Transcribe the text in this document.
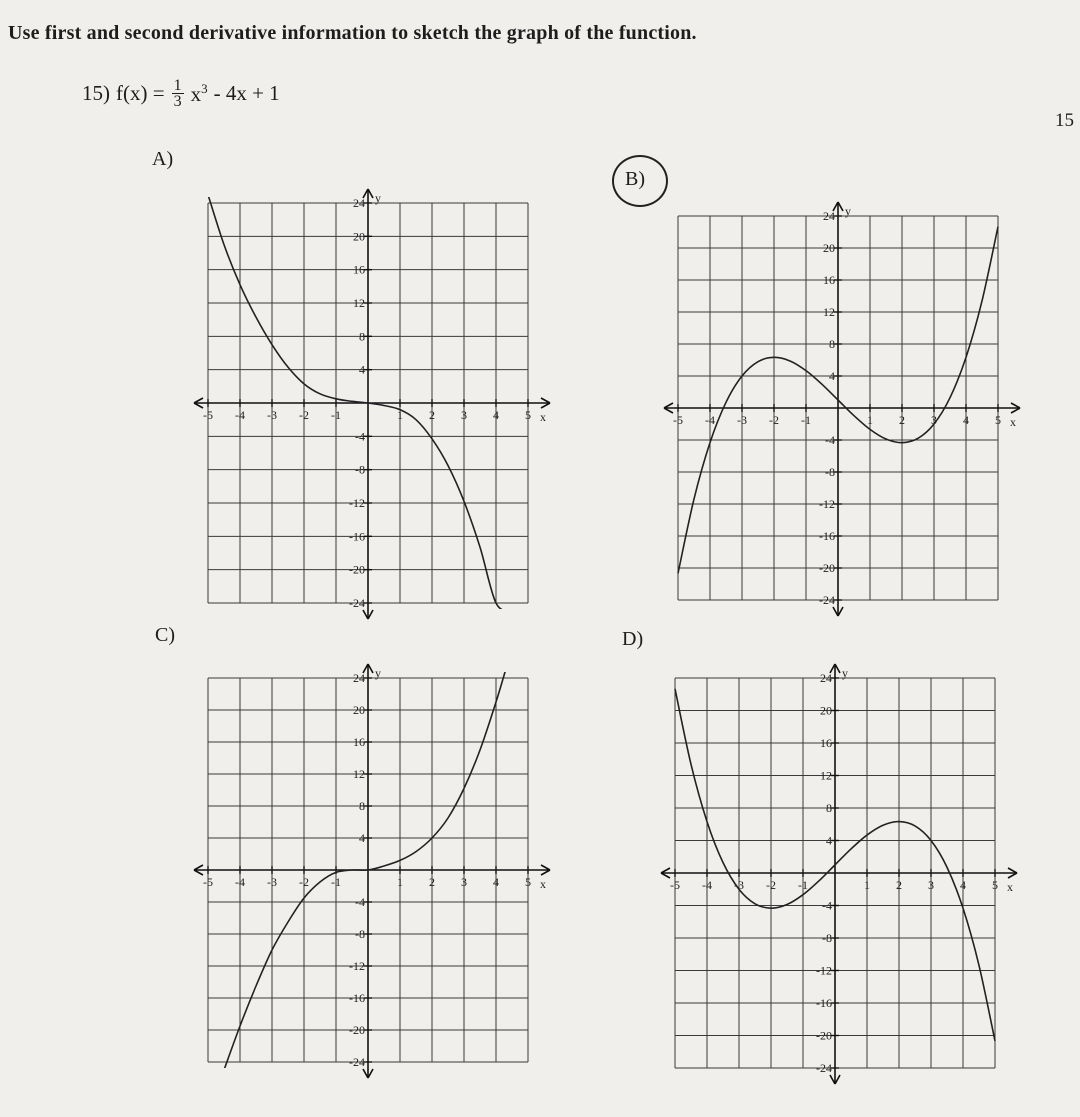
Use first and second derivative information to sketch the graph of the function.
15) $f(x) = \frac{1}{3} x^3 - 4x + 1$
15
A)
B)
C)	D)
-5 -4 -3 -2 -1	1 2 3 4 5
24
20
16
12
8
4
-4
-8
-12
-16
-20
-24
x
y
-5 -4 -3 -2 -1	1 2 3 4 5
24
20
16
12
8
4
-4
-8
-12
-16
-20
-24
x
y
-5 -4 -3 -2 -1	1 2 3 4 5
24
20
16
12
8
4
-4
-8
-12
-16
-20
-24
x
y
-5 -4 -3 -2 -1	1 2 3 4 5
24
20
16
12
8
4
-4
-8
-12
-16
-20
-24
x
y
